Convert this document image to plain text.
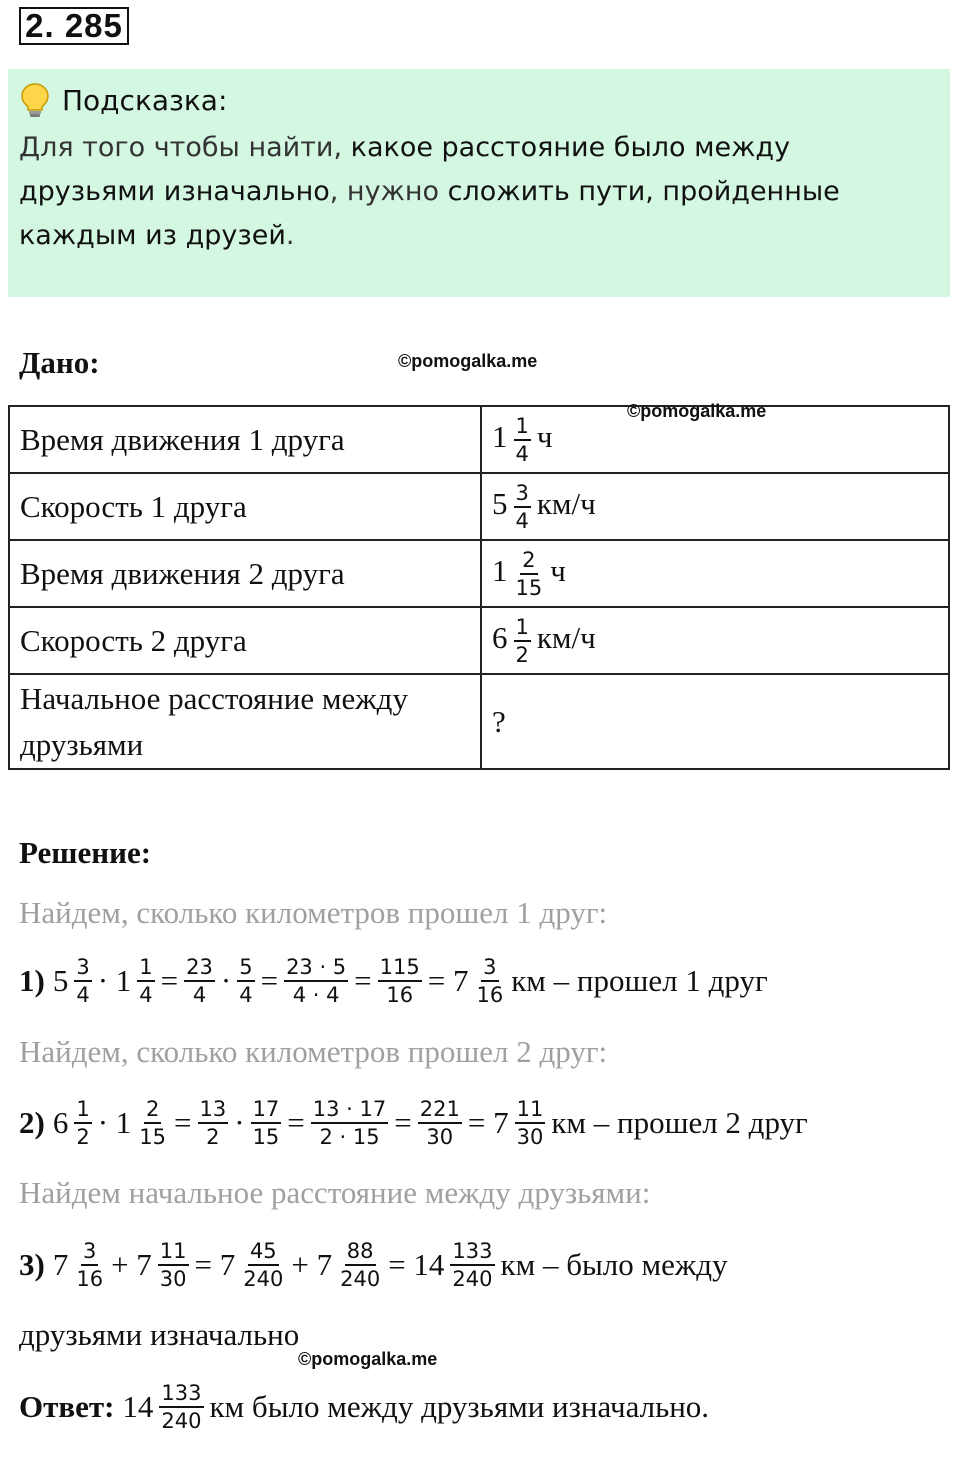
2. 285
Подсказка:
Для того чтобы найти, какое расстояние было между друзьями изначально, нужно сложить пути, пройденные каждым из друзей.
Дано:	©pomogalka.me
©pomogalka.me
Время движения 1 друга	$1 \frac{1}{4}$ ч
Скорость 1 друга	$5 \frac{3}{4} км/ч$
Время движения 2 друга	$1 \frac{2}{15}$ ч
Скорость 2 друга	$6 \frac{1}{2} км/ч$
Начальное расстояние между друзьями	?
Решение:
Найдем, сколько километров прошел 1 друг:
1) $5 \frac{3}{4} \cdot 1 \frac{1}{4} = \frac{23}{4} \cdot \frac{5}{4} = \frac{23 \cdot 5}{4 \cdot 4} = \frac{115}{16} = 7 \frac{3}{16}$ км – прошел 1 друг
Найдем, сколько километров прошел 2 друг:
2) $6 \frac{1}{2} \cdot 1 \frac{2}{15} = \frac{13}{2} \cdot \frac{17}{15} = \frac{13 \cdot 17}{2 \cdot 15} = \frac{221}{30} = 7 \frac{11}{30}$ км – прошел 2 друг
Найдем начальное расстояние между друзьями:
3) $7 \frac{3}{16} + 7 \frac{11}{30} = 7 \frac{45}{240} + 7 \frac{88}{240} = 14 \frac{133}{240}$ км – было между
друзьями изначально
©pomogalka.me
Ответ: $14 \frac{133}{240}$ км было между друзьями изначально.
